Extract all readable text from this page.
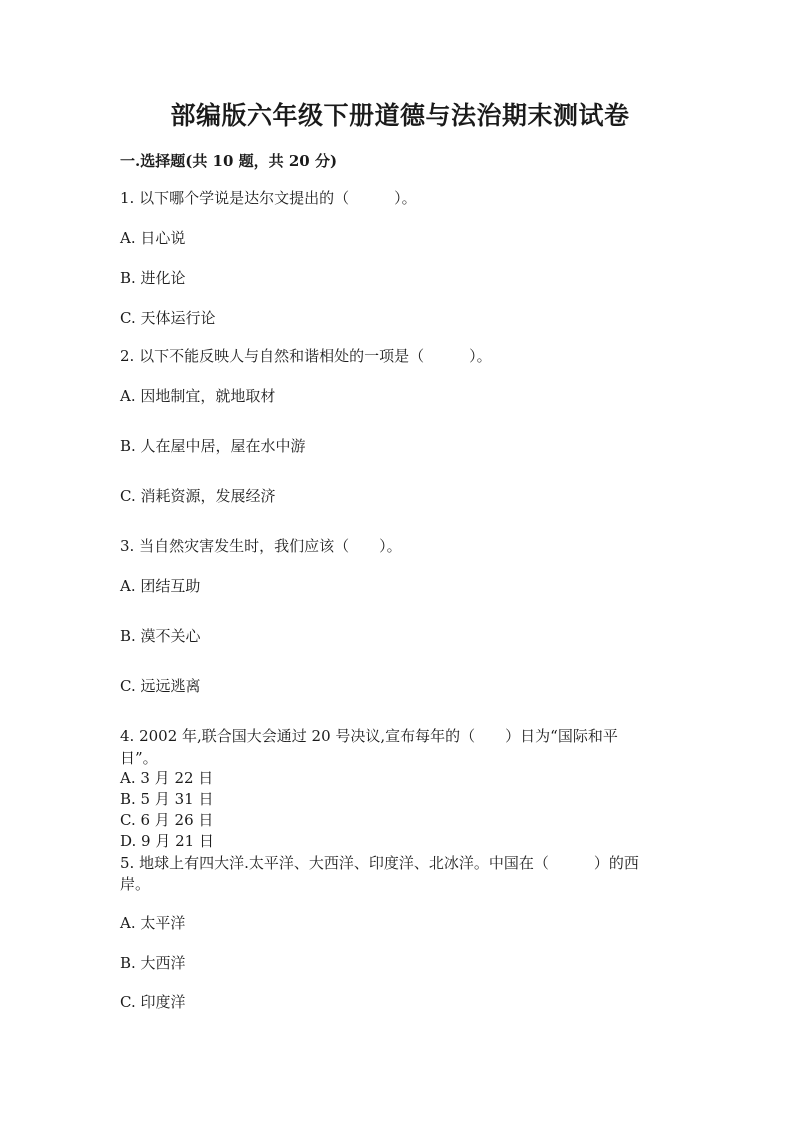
部编版六年级下册道德与法治期末测试卷

一.选择题(共 10 题，共 20 分)

1. 以下哪个学说是达尔文提出的（　　　）。

A. 日心说

B. 进化论

C. 天体运行论

2. 以下不能反映人与自然和谐相处的一项是（　　　）。

A. 因地制宜，就地取材

B. 人在屋中居，屋在水中游

C. 消耗资源，发展经济

3. 当自然灾害发生时，我们应该（　　）。

A. 团结互助

B. 漠不关心

C. 远远逃离

4. 2002 年,联合国大会通过 20 号决议,宣布每年的（　　）日为“国际和平

日”。

A. 3 月 22 日

B. 5 月 31 日

C. 6 月 26 日

D. 9 月 21 日

5. 地球上有四大洋.太平洋、大西洋、印度洋、北冰洋。中国在（　　　）的西

岸。

A. 太平洋

B. 大西洋

C. 印度洋
